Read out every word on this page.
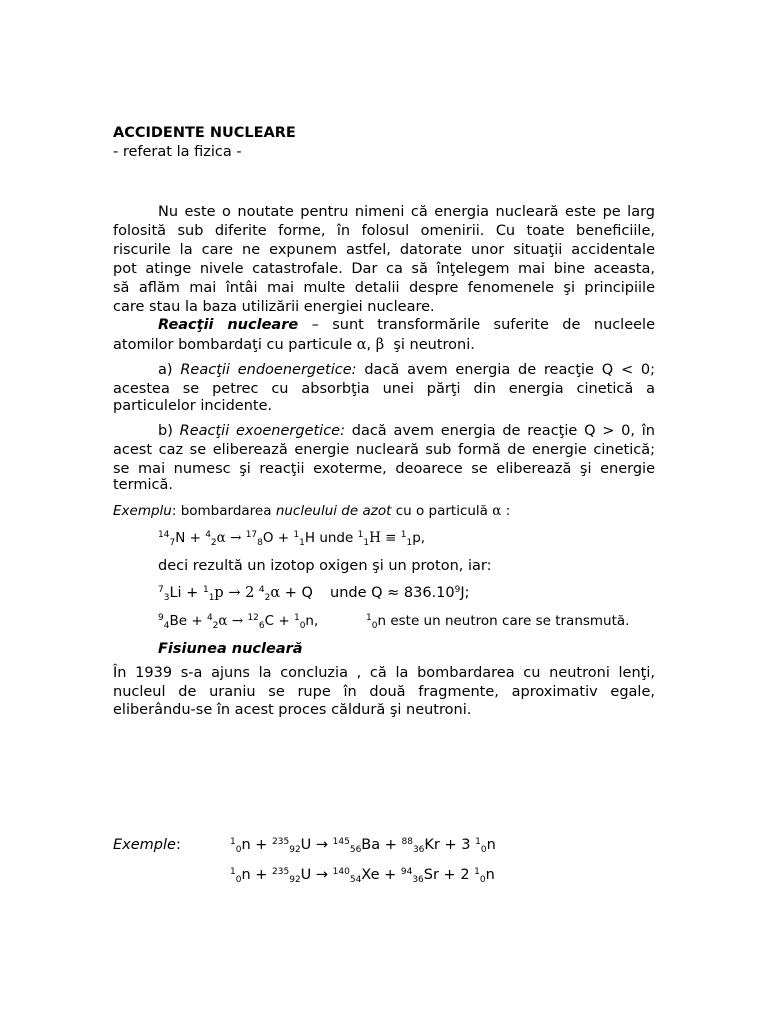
ACCIDENTE NUCLEARE
- referat la fizica -
Nu este o noutate pentru nimeni că energia nucleară este pe larg
folosită sub diferite forme, în folosul omenirii. Cu toate beneficiile,
riscurile la care ne expunem astfel, datorate unor situaţii accidentale
pot atinge nivele catastrofale. Dar ca să înţelegem mai bine aceasta,
să aflăm mai întâi mai multe detalii despre fenomenele şi principiile
care stau la baza utilizării energiei nucleare.
Reacţii nucleare – sunt transformările suferite de nucleele
atomilor bombardaţi cu particule α, β şi neutroni.
a) Reacţii endoenergetice: dacă avem energia de reacţie Q < 0;
acestea se petrec cu absorbţia unei părţi din energia cinetică a
particulelor incidente.
b) Reacţii exoenergetice: dacă avem energia de reacţie Q > 0, în
acest caz se eliberează energie nucleară sub formă de energie cinetică;
se mai numesc şi reacţii exoterme, deoarece se eliberează şi energie
termică.
Exemplu: bombardarea nucleului de azot cu o particulă α :
$^{14}_7$N + $^4_2$α → $^{17}_8$O + $^1_1$H unde $^1_1$H ≡ $^1_1$p,
deci rezultă un izotop oxigen şi un proton, iar:
$^7_3$Li + $^1_1$p → 2 $^4_2$α + Q unde $Q \approx 836.10^9J$;
$^9_4$Be + $^4_2$α → $^{12}_6$C + $^1_0$n,	$^1_0$n este un neutron care se transmută.
Fisiunea nucleară
În 1939 s-a ajuns la concluzia , că la bombardarea cu neutroni lenţi,
nucleul de uraniu se rupe în două fragmente, aproximativ egale,
eliberându-se în acest proces căldură şi neutroni.
Exemple:	$^1_0$n + $^{235}_{92}$U → $^{145}_{56}$Ba + $^{88}_{36}$Kr + 3 $^1_0$n
$^1_0$n + $^{235}_{92}$U → $^{140}_{54}$Xe + $^{94}_{36}$Sr + 2 $^1_0$n
